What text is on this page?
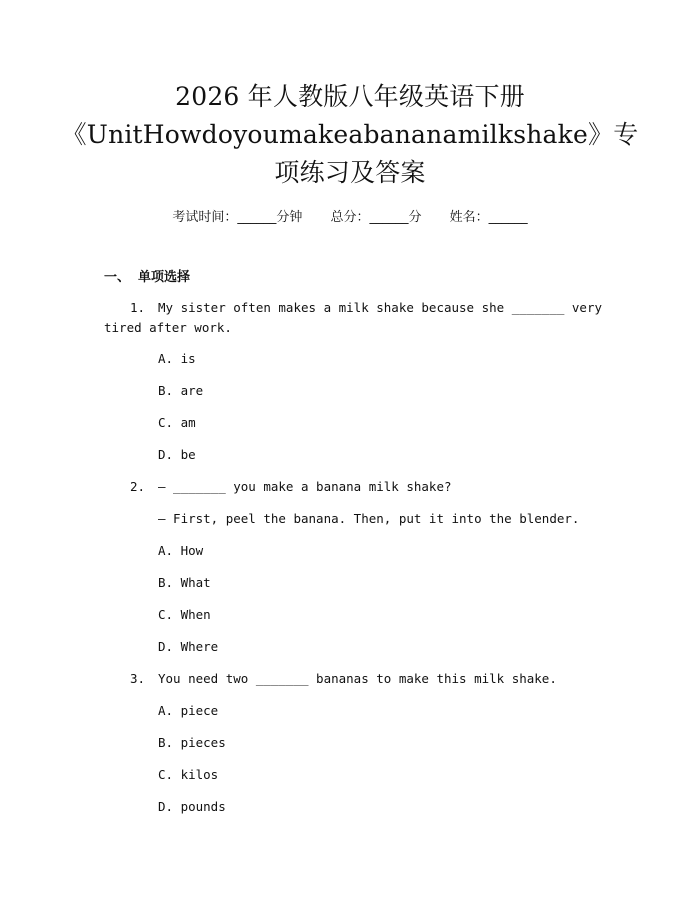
2026 年人教版八年级英语下册
《UnitHowdoyoumakeabananamilkshake》专
项练习及答案
考试时间：______分钟 总分：______分 姓名：______
一、 单项选择
1. My sister often makes a milk shake because she _______ very
tired after work.
A. is
B. are
C. am
D. be
2. — _______ you make a banana milk shake?
— First, peel the banana. Then, put it into the blender.
A. How
B. What
C. When
D. Where
3. You need two _______ bananas to make this milk shake.
A. piece
B. pieces
C. kilos
D. pounds
